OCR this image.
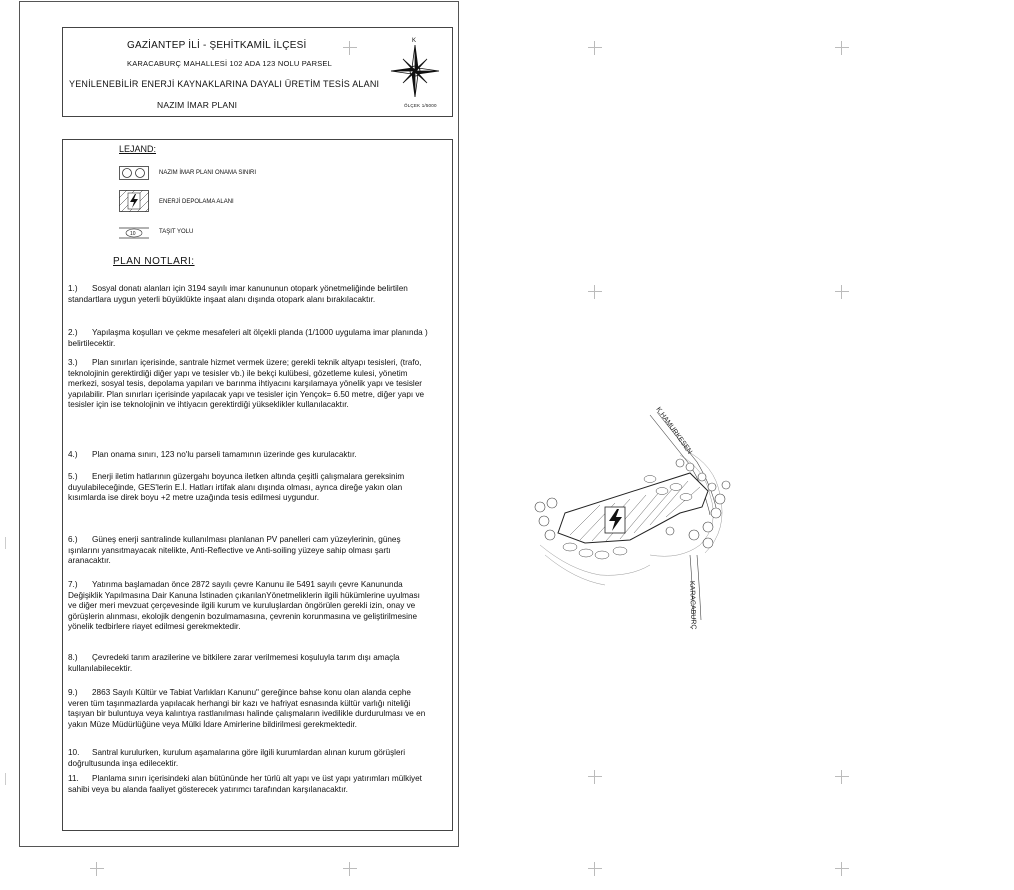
GAZİANTEP İLİ - ŞEHİTKAMİL İLÇESİ
KARACABURÇ MAHALLESİ 102 ADA 123 NOLU PARSEL
YENİLENEBİLİR ENERJİ KAYNAKLARINA DAYALI ÜRETİM TESİS ALANI
NAZIM İMAR PLANI	ÖLÇEK 1/5000
K
LEJAND:
NAZIM İMAR PLANI ONAMA SINIRI
ENERJİ DEPOLAMA ALANI
10	TAŞIT YOLU
PLAN NOTLARI:
1.) Sosyal donatı alanları için 3194 sayılı imar kanununun otopark yönetmeliğinde belirtilen standartlara uygun yeterli büyüklükte inşaat alanı dışında otopark alanı bırakılacaktır.
2.) Yapılaşma koşulları ve çekme mesafeleri alt ölçekli planda (1/1000 uygulama imar planında ) belirtilecektir.
3.) Plan sınırları içerisinde, santrale hizmet vermek üzere; gerekli teknik altyapı tesisleri, (trafo, teknolojinin gerektirdiği diğer yapı ve tesisler vb.) ile bekçi kulübesi, gözetleme kulesi, yönetim merkezi, sosyal tesis, depolama yapıları ve barınma ihtiyacını karşılamaya yönelik yapı ve tesisler yapılabilir. Plan sınırları içerisinde yapılacak yapı ve tesisler için Yençok= 6.50 metre, diğer yapı ve tesisler için ise teknolojinin ve ihtiyacın gerektirdiği yükseklikler kullanılacaktır.
4.) Plan onama sınırı, 123 no'lu parseli tamamının üzerinde ges kurulacaktır.
5.) Enerji iletim hatlarının güzergahı boyunca iletken altında çeşitli çalışmalara gereksinim duyulabileceğinde, GES'lerin E.İ. Hatları irtifak alanı dışında olması, ayrıca direğe yakın olan kısımlarda ise direk boyu +2 metre uzağında tesis edilmesi uygundur.
6.) Güneş enerji santralinde kullanılması planlanan PV panelleri cam yüzeylerinin, güneş ışınlarını yansıtmayacak nitelikte, Anti-Reflective ve Anti-soiling yüzeye sahip olması şartı aranacaktır.
7.) Yatırıma başlamadan önce 2872 sayılı çevre Kanunu ile 5491 sayılı çevre Kanununda Değişiklik Yapılmasına Dair Kanuna İstinaden çıkarılanYönetmeliklerin ilgili hükümlerine uyulması ve diğer meri mevzuat çerçevesinde ilgili kurum ve kuruluşlardan öngörülen gerekli izin, onay ve görüşlerin alınması, ekolojik dengenin bozulmamasına, çevrenin korunmasına ve geliştirilmesine yönelik tedbirlere riayet edilmesi gerekmektedir.
8.) Çevredeki tarım arazilerine ve bitkilere zarar verilmemesi koşuluyla tarım dışı amaçla kullanılabilecektir.
9.) 2863 Sayılı Kültür ve Tabiat Varlıkları Kanunu" gereğince bahse konu olan alanda cephe veren tüm taşınmazlarda yapılacak herhangi bir kazı ve hafriyat esnasında kültür varlığı niteliği taşıyan bir buluntuya veya kalıntıya rastlanılması halinde çalışmaların ivedilikle durdurulması ve en yakın Müze Müdürlüğüne veya Mülki İdare Amirlerine bildirilmesi gerekmektedir.
10. Santral kurulurken, kurulum aşamalarına göre ilgili kurumlardan alınan kurum görüşleri doğrultusunda inşa edilecektir.
11. Planlama sınırı içerisindeki alan bütününde her türlü alt yapı ve üst yapı yatırımları mülkiyet sahibi veya bu alanda faaliyet gösterecek yatırımcı tarafından karşılanacaktır.
K.HAMURKESEN
KARACABURÇ
